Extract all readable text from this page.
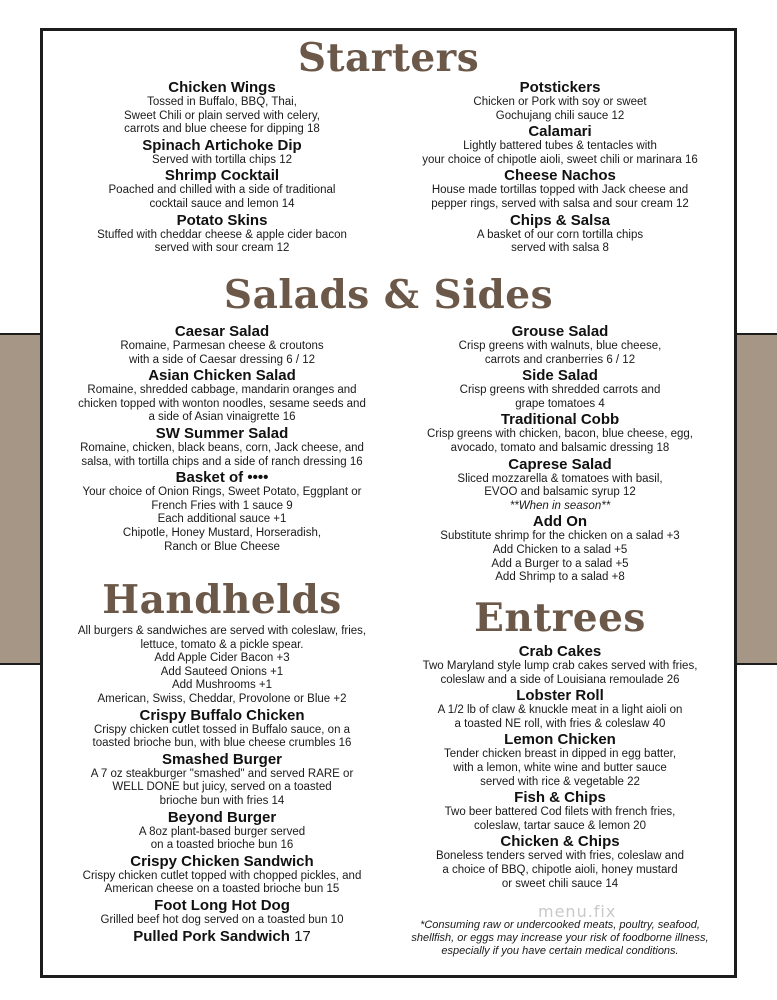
Starters
Chicken Wings
Tossed in Buffalo, BBQ, Thai,
Sweet Chili or plain served with celery,
carrots and blue cheese for dipping 18
Spinach Artichoke Dip
Served with tortilla chips 12
Shrimp Cocktail
Poached and chilled with a side of traditional
cocktail sauce and lemon 14
Potato Skins
Stuffed with cheddar cheese & apple cider bacon
served with sour cream 12
Potstickers
Chicken or Pork with soy or sweet
Gochujang chili sauce 12
Calamari
Lightly battered tubes & tentacles with
your choice of chipotle aioli, sweet chili or marinara 16
Cheese Nachos
House made tortillas topped with Jack cheese and
pepper rings, served with salsa and sour cream 12
Chips & Salsa
A basket of our corn tortilla chips
served with salsa 8
Salads & Sides
Caesar Salad
Romaine, Parmesan cheese & croutons
with a side of Caesar dressing 6 / 12
Asian Chicken Salad
Romaine, shredded cabbage, mandarin oranges and
chicken topped with wonton noodles, sesame seeds and
a side of Asian vinaigrette 16
SW Summer Salad
Romaine, chicken, black beans, corn, Jack cheese, and
salsa, with tortilla chips and a side of ranch dressing 16
Basket of ••••
Your choice of Onion Rings, Sweet Potato, Eggplant or
French Fries with 1 sauce 9
Each additional sauce +1
Chipotle, Honey Mustard, Horseradish,
Ranch or Blue Cheese
Grouse Salad
Crisp greens with walnuts, blue cheese,
carrots and cranberries 6 / 12
Side Salad
Crisp greens with shredded carrots and
grape tomatoes 4
Traditional Cobb
Crisp greens with chicken, bacon, blue cheese, egg,
avocado, tomato and balsamic dressing 18
Caprese Salad
Sliced mozzarella & tomatoes with basil,
EVOO and balsamic syrup 12
**When in season**
Add On
Substitute shrimp for the chicken on a salad +3
Add Chicken to a salad +5
Add a Burger to a salad +5
Add Shrimp to a salad +8
Handhelds
All burgers & sandwiches are served with coleslaw, fries,
lettuce, tomato & a pickle spear.
Add Apple Cider Bacon +3
Add Sauteed Onions +1
Add Mushrooms +1
American, Swiss, Cheddar, Provolone or Blue +2
Crispy Buffalo Chicken
Crispy chicken cutlet tossed in Buffalo sauce, on a
toasted brioche bun, with blue cheese crumbles 16
Smashed Burger
A 7 oz steakburger "smashed" and served RARE or
WELL DONE but juicy, served on a toasted
brioche bun with fries 14
Beyond Burger
A 8oz plant-based burger served
on a toasted brioche bun 16
Crispy Chicken Sandwich
Crispy chicken cutlet topped with chopped pickles, and
American cheese on a toasted brioche bun 15
Foot Long Hot Dog
Grilled beef hot dog served on a toasted bun 10
Pulled Pork Sandwich 17
Entrees
Crab Cakes
Two Maryland style lump crab cakes served with fries,
coleslaw and a side of Louisiana remoulade 26
Lobster Roll
A 1/2 lb of claw & knuckle meat in a light aioli on
a toasted NE roll, with fries & coleslaw 40
Lemon Chicken
Tender chicken breast in dipped in egg batter,
with a lemon, white wine and butter sauce
served with rice & vegetable 22
Fish & Chips
Two beer battered Cod filets with french fries,
coleslaw, tartar sauce & lemon 20
Chicken & Chips
Boneless tenders served with fries, coleslaw and
a choice of BBQ, chipotle aioli, honey mustard
or sweet chili sauce 14
*Consuming raw or undercooked meats, poultry, seafood,
shellfish, or eggs may increase your risk of foodborne illness,
especially if you have certain medical conditions.
menu.fix
